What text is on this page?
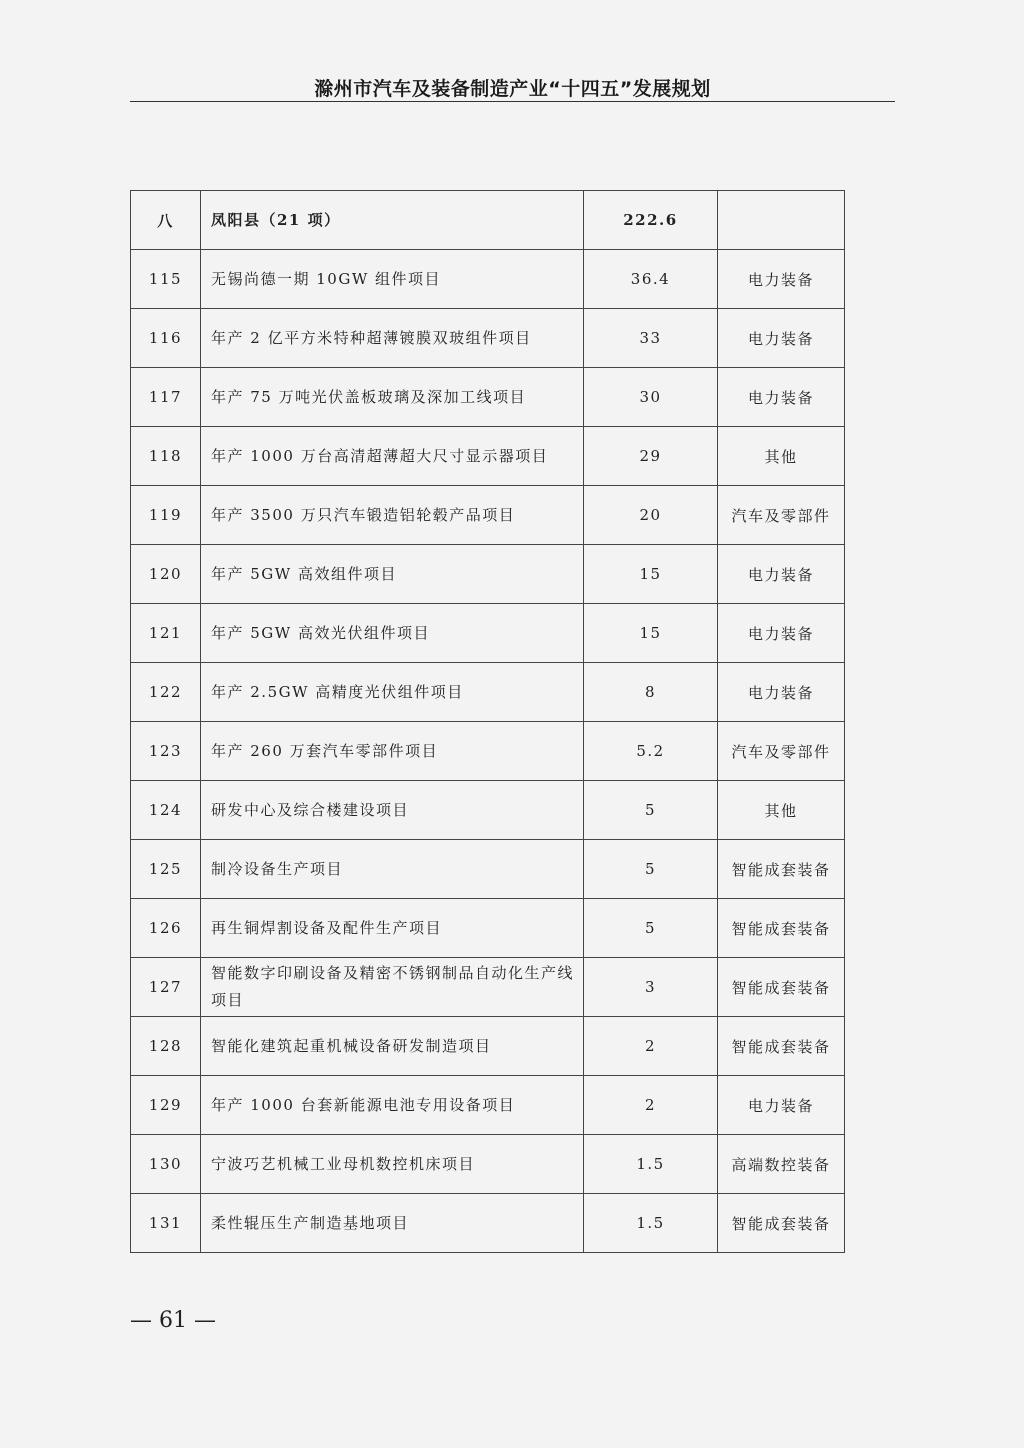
滁州市汽车及装备制造产业“十四五”发展规划
八	凤阳县（21 项）	222.6	
115	无锡尚德一期 10GW 组件项目	36.4	电力装备
116	年产 2 亿平方米特种超薄镀膜双玻组件项目	33	电力装备
117	年产 75 万吨光伏盖板玻璃及深加工线项目	30	电力装备
118	年产 1000 万台高清超薄超大尺寸显示器项目	29	其他
119	年产 3500 万只汽车锻造铝轮毂产品项目	20	汽车及零部件
120	年产 5GW 高效组件项目	15	电力装备
121	年产 5GW 高效光伏组件项目	15	电力装备
122	年产 2.5GW 高精度光伏组件项目	8	电力装备
123	年产 260 万套汽车零部件项目	5.2	汽车及零部件
124	研发中心及综合楼建设项目	5	其他
125	制冷设备生产项目	5	智能成套装备
126	再生铜焊割设备及配件生产项目	5	智能成套装备
127	智能数字印刷设备及精密不锈钢制品自动化生产线项目	3	智能成套装备
128	智能化建筑起重机械设备研发制造项目	2	智能成套装备
129	年产 1000 台套新能源电池专用设备项目	2	电力装备
130	宁波巧艺机械工业母机数控机床项目	1.5	高端数控装备
131	柔性辊压生产制造基地项目	1.5	智能成套装备
— 61 —
